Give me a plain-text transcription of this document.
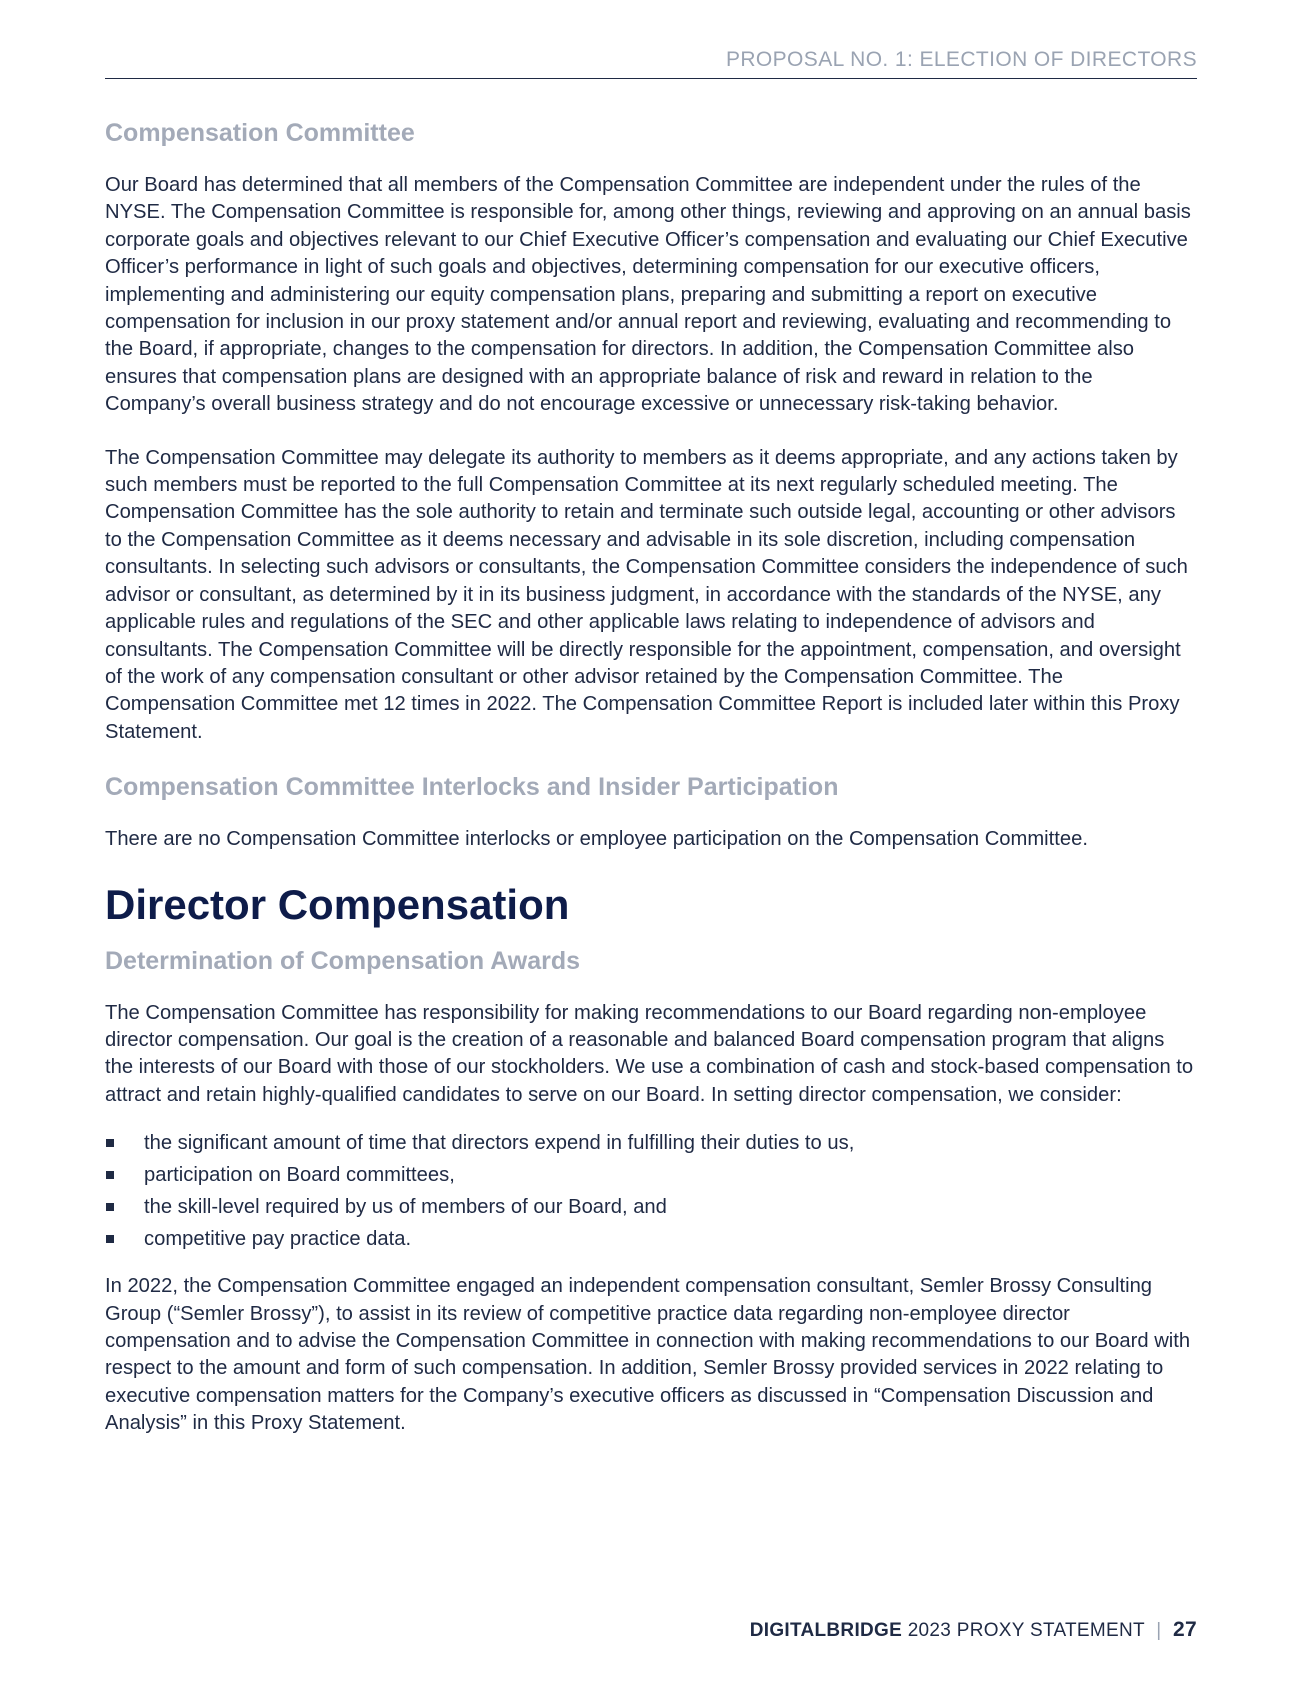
PROPOSAL NO. 1: ELECTION OF DIRECTORS
Compensation Committee

Our Board has determined that all members of the Compensation Committee are independent under the rules of the NYSE. The Compensation Committee is responsible for, among other things, reviewing and approving on an annual basis corporate goals and objectives relevant to our Chief Executive Officer’s compensation and evaluating our Chief Executive Officer’s performance in light of such goals and objectives, determining compensation for our executive officers, implementing and administering our equity compensation plans, preparing and submitting a report on executive compensation for inclusion in our proxy statement and/or annual report and reviewing, evaluating and recommending to the Board, if appropriate, changes to the compensation for directors. In addition, the Compensation Committee also ensures that compensation plans are designed with an appropriate balance of risk and reward in relation to the Company’s overall business strategy and do not encourage excessive or unnecessary risk-taking behavior.

The Compensation Committee may delegate its authority to members as it deems appropriate, and any actions taken by such members must be reported to the full Compensation Committee at its next regularly scheduled meeting. The Compensation Committee has the sole authority to retain and terminate such outside legal, accounting or other advisors to the Compensation Committee as it deems necessary and advisable in its sole discretion, including compensation consultants. In selecting such advisors or consultants, the Compensation Committee considers the independence of such advisor or consultant, as determined by it in its business judgment, in accordance with the standards of the NYSE, any applicable rules and regulations of the SEC and other applicable laws relating to independence of advisors and consultants. The Compensation Committee will be directly responsible for the appointment, compensation, and oversight of the work of any compensation consultant or other advisor retained by the Compensation Committee. The Compensation Committee met 12 times in 2022. The Compensation Committee Report is included later within this Proxy Statement.

Compensation Committee Interlocks and Insider Participation

There are no Compensation Committee interlocks or employee participation on the Compensation Committee.

Director Compensation
Determination of Compensation Awards

The Compensation Committee has responsibility for making recommendations to our Board regarding non-employee director compensation. Our goal is the creation of a reasonable and balanced Board compensation program that aligns the interests of our Board with those of our stockholders. We use a combination of cash and stock-based compensation to attract and retain highly-qualified candidates to serve on our Board. In setting director compensation, we consider:

the significant amount of time that directors expend in fulfilling their duties to us,
participation on Board committees,
the skill-level required by us of members of our Board, and
competitive pay practice data.

In 2022, the Compensation Committee engaged an independent compensation consultant, Semler Brossy Consulting Group (“Semler Brossy”), to assist in its review of competitive practice data regarding non-employee director compensation and to advise the Compensation Committee in connection with making recommendations to our Board with respect to the amount and form of such compensation. In addition, Semler Brossy provided services in 2022 relating to executive compensation matters for the Company’s executive officers as discussed in “Compensation Discussion and Analysis” in this Proxy Statement.

DIGITALBRIDGE 2023 PROXY STATEMENT | 27
